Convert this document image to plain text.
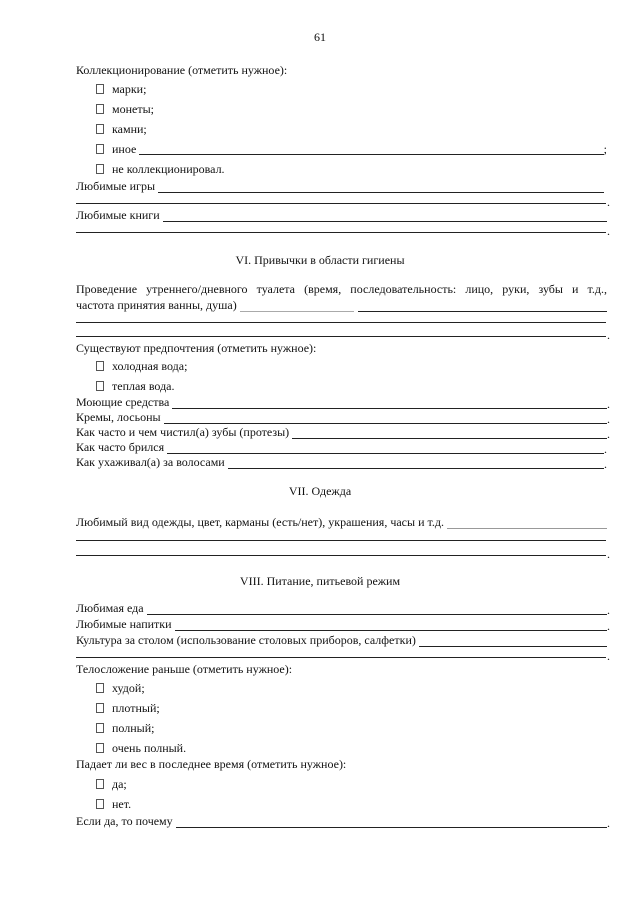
61
Коллекционирование (отметить нужное):
марки;
монеты;
камни;
иное	;
не коллекционировал.
Любимые игры
Любимые книги
VI. Привычки в области гигиены
Проведение утреннего/дневного туалета (время, последовательность: лицо, руки, зубы и т.д.,
частота принятия ванны, душа)
Существуют предпочтения (отметить нужное):
холодная вода;
теплая вода.
Моющие средства
Кремы, лосьоны
Как часто и чем чистил(а) зубы (протезы)
Как часто брился
Как ухаживал(а) за волосами
VII. Одежда
Любимый вид одежды, цвет, карманы (есть/нет), украшения, часы и т.д.
VIII. Питание, питьевой режим
Любимая еда
Любимые напитки
Культура за столом (использование столовых приборов, салфетки)
Телосложение раньше (отметить нужное):
худой;
плотный;
полный;
очень полный.
Падает ли вес в последнее время (отметить нужное):
да;
нет.
Если да, то почему
.
.
.
.
.
.
.
.
.
.
.
.
.
